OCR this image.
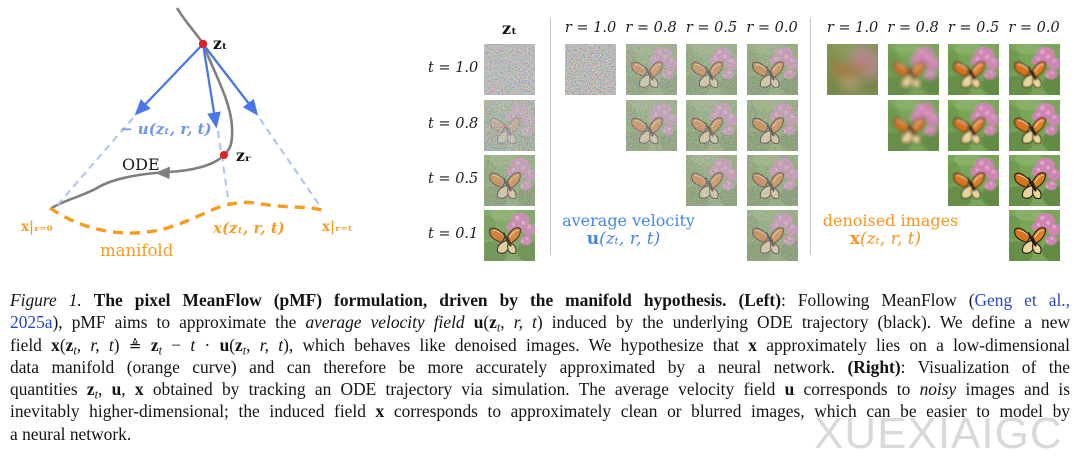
zₜ
zᵣ
− u(zₜ, r, t)
ODE
x|ᵣ₌₀	x(zₜ, r, t)	x|ᵣ₌ₜ
manifold
zₜ
t = 1.0
t = 0.8
t = 0.5
t = 0.1
r = 1.0 r = 0.8 r = 0.5 r = 0.0
average velocity
u(zₜ, r, t)
r = 1.0 r = 0.8 r = 0.5 r = 0.0
denoised images
x(zₜ, r, t)
XUEXIAIGC
Figure 1. The pixel MeanFlow (pMF) formulation, driven by the manifold hypothesis. (Left): Following MeanFlow (Geng et al.,
2025a), pMF aims to approximate the average velocity field $u(z_t$, r, t) induced by the underlying ODE trajectory (black). We define a new
field $x(z_t$, r, t) ≜ $z_t - t \cdot u(z_t$, r, t), which behaves like denoised images. We hypothesize that x approximately lies on a low-dimensional
data manifold (orange curve) and can therefore be more accurately approximated by a neural network. (Right): Visualization of the
quantities $z_t$, u, x obtained by tracking an ODE trajectory via simulation. The average velocity field u corresponds to noisy images and is
inevitably higher-dimensional; the induced field x corresponds to approximately clean or blurred images, which can be easier to model by
a neural network.
